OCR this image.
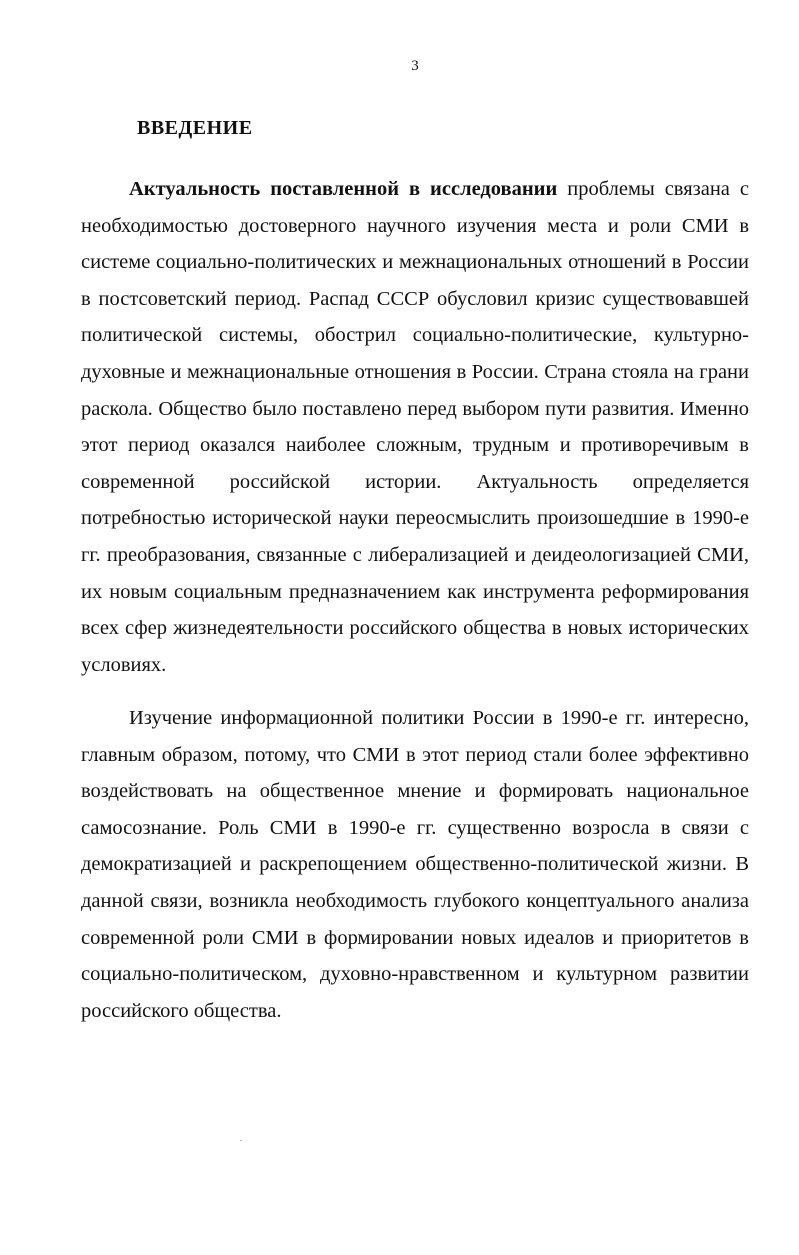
3
ВВЕДЕНИЕ

Актуальность поставленной в исследовании проблемы связана с необходимостью достоверного научного изучения места и роли СМИ в системе социально-политических и межнациональных отношений в России в постсоветский период. Распад СССР обусловил кризис существовавшей политической системы, обострил социально-политические, культурно-духовные и межнациональные отношения в России. Страна стояла на грани раскола. Общество было поставлено перед выбором пути развития. Именно этот период оказался наиболее сложным, трудным и противоречивым в современной российской истории. Актуальность определяется потребностью исторической науки переосмыслить произошедшие в 1990-е гг. преобразования, связанные с либерализацией и деидеологизацией СМИ, их новым социальным предназначением как инструмента реформирования всех сфер жизнедеятельности российского общества в новых исторических условиях.

Изучение информационной политики России в 1990-е гг. интересно, главным образом, потому, что СМИ в этот период стали более эффективно воздействовать на общественное мнение и формировать национальное самосознание. Роль СМИ в 1990-е гг. существенно возросла в связи с демократизацией и раскрепощением общественно-политической жизни. В данной связи, возникла необходимость глубокого концептуального анализа современной роли СМИ в формировании новых идеалов и приоритетов в социально-политическом, духовно-нравственном и культурном развитии российского общества.
